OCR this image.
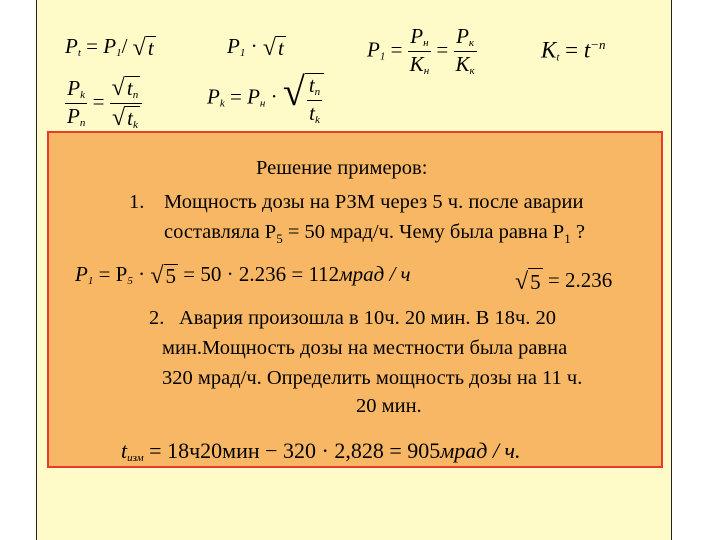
$P_t = P_1/$ √t	$P_1 \cdot √t$	$P_1 = \frac{P_н}{K_н} = \frac{P_к}{K_к}$	$K_t = t^{-n}$
$\frac{P_k}{P_n} = \frac{√t_n}{√t_k}$	$P_k = P_н$ · √ $\frac{t_n}{t_k}$
Решение примеров:
1. Мощность дозы на РЗМ через 5 ч. после аварии
составляла $Р_5 = 50$ мрад/ч. Чему была равна $Р_1$ ?
$P_1 = P_5 \cdot √5 = 50 \cdot 2.236$ = 112мрад / ч	√5 = 2.236
2. Авария произошла в 10ч. 20 мин. В 18ч. 20
мин.Мощность дозы на местности была равна
320 мрад/ч. Определить мощность дозы на 11 ч.
20 мин.
$t_{изм} = 18ч20мин - 320 \cdot 2,828$ = 905мрад / ч.
